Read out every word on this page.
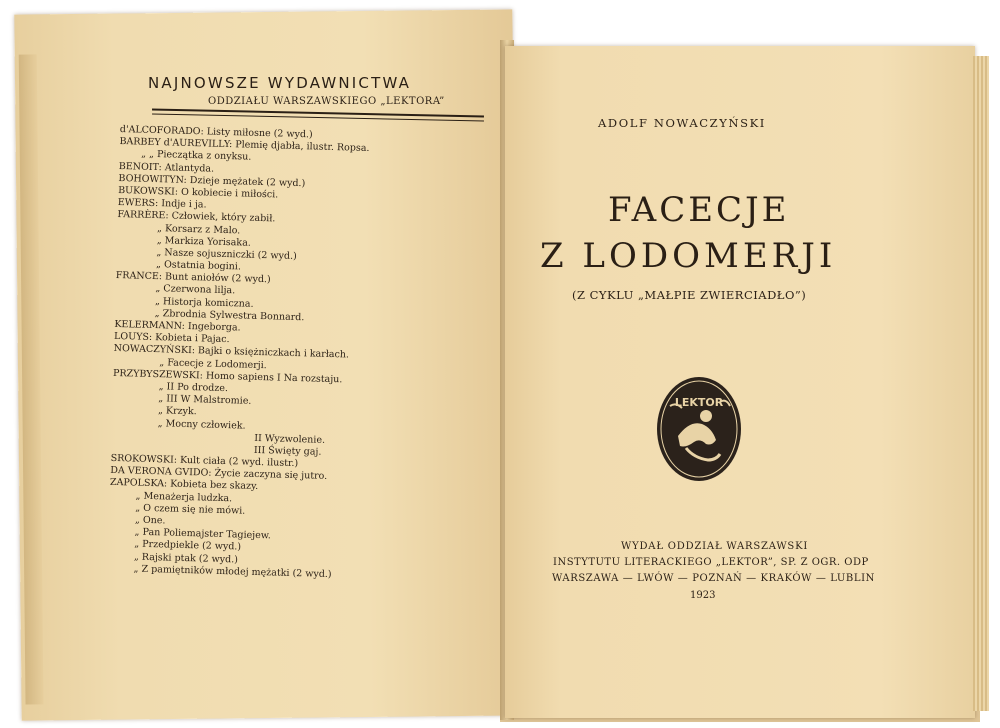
NAJNOWSZE WYDAWNICTWA
ODDZIAŁU WARSZAWSKIEGO „LEKTORA”
d'ALCOFORADO: Listy miłosne (2 wyd.)
BARBEY d'AUREVILLY: Plemię djabła, ilustr. Ropsa.
„ „ Pieczątka z onyksu.
BENOIT: Atlantyda.
BOHOWITYN: Dzieje mężatek (2 wyd.)
BUKOWSKI: O kobiecie i miłości.
EWERS: Indje i ja.
FARRÈRE: Człowiek, który zabił.
„ Korsarz z Malo.
„ Markiza Yorisaka.
„ Nasze sojuszniczki (2 wyd.)
„ Ostatnia bogini.
FRANCE: Bunt aniołów (2 wyd.)
„ Czerwona lilja.
„ Historja komiczna.
„ Zbrodnia Sylwestra Bonnard.
KELERMANN: Ingeborga.
LOUYS: Kobieta i Pajac.
NOWACZYŃSKI: Bajki o księżniczkach i karłach.
„ Facecje z Lodomerji.
PRZYBYSZEWSKI: Homo sapiens I Na rozstaju.
„ II Po drodze.
„ III W Malstromie.
„ Krzyk.
„ Mocny człowiek.
II Wyzwolenie.
III Święty gaj.
SROKOWSKI: Kult ciała (2 wyd. ilustr.)
DA VERONA GVIDO: Życie zaczyna się jutro.
ZAPOLSKA: Kobieta bez skazy.
„ Menażerja ludzka.
„ O czem się nie mówi.
„ One.
„ Pan Poliemajster Tagiejew.
„ Przedpiekle (2 wyd.)
„ Rajski ptak (2 wyd.)
„ Z pamiętników młodej mężatki (2 wyd.)
ADOLF NOWACZYŃSKI
FACECJE
Z LODOMERJI
(Z CYKLU „MAŁPIE ZWIERCIADŁO”)
LEKTOR
WYDAŁ ODDZIAŁ WARSZAWSKI
INSTYTUTU LITERACKIEGO „LEKTOR”, SP. Z OGR. ODP
WARSZAWA — LWÓW — POZNAŃ — KRAKÓW — LUBLIN
1923
